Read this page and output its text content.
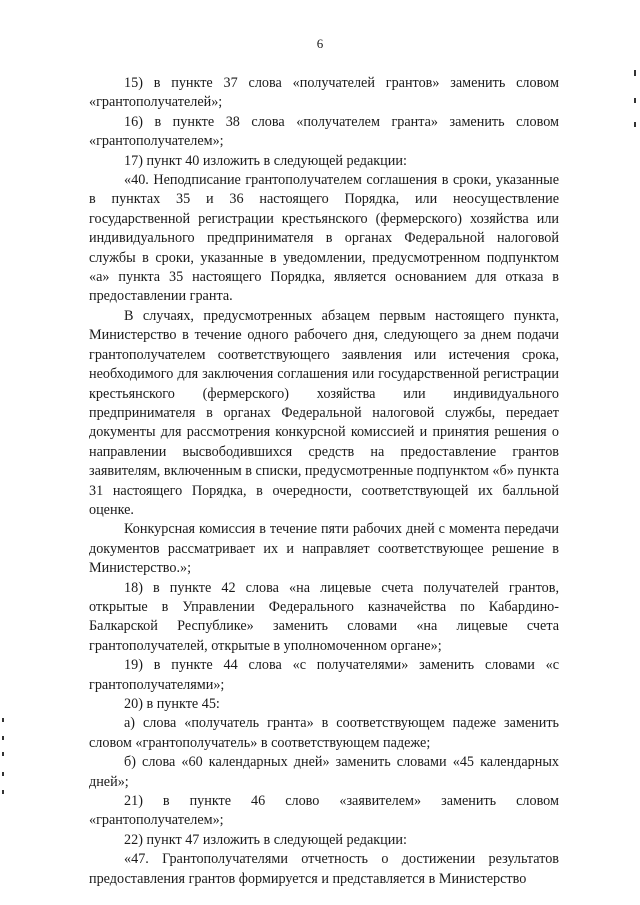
6

15) в пункте 37 слова «получателей грантов» заменить словом «грантополучателей»;

16) в пункте 38 слова «получателем гранта» заменить словом «грантополучателем»;

17) пункт 40 изложить в следующей редакции:

«40. Неподписание грантополучателем соглашения в сроки, указанные в пунктах 35 и 36 настоящего Порядка, или неосуществление государственной регистрации крестьянского (фермерского) хозяйства или индивидуального предпринимателя в органах Федеральной налоговой службы в сроки, указанные в уведомлении, предусмотренном подпунктом «а» пункта 35 настоящего Порядка, является основанием для отказа в предоставлении гранта.

В случаях, предусмотренных абзацем первым настоящего пункта, Министерство в течение одного рабочего дня, следующего за днем подачи грантополучателем соответствующего заявления или истечения срока, необходимого для заключения соглашения или государственной регистрации крестьянского (фермерского) хозяйства или индивидуального предпринимателя в органах Федеральной налоговой службы, передает документы для рассмотрения конкурсной комиссией и принятия решения о направлении высвободившихся средств на предоставление грантов заявителям, включенным в списки, предусмотренные подпунктом «б» пункта 31 настоящего Порядка, в очередности, соответствующей их балльной оценке.

Конкурсная комиссия в течение пяти рабочих дней с момента передачи документов рассматривает их и направляет соответствующее решение в Министерство.»;

18) в пункте 42 слова «на лицевые счета получателей грантов, открытые в Управлении Федерального казначейства по Кабардино-Балкарской Республике» заменить словами «на лицевые счета грантополучателей, открытые в уполномоченном органе»;

19) в пункте 44 слова «с получателями» заменить словами «с грантополучателями»;

20) в пункте 45:

а) слова «получатель гранта» в соответствующем падеже заменить словом «грантополучатель» в соответствующем падеже;

б) слова «60 календарных дней» заменить словами «45 календарных дней»;

21) в пункте 46 слово «заявителем» заменить словом «грантополучателем»;

22) пункт 47 изложить в следующей редакции:

«47. Грантополучателями отчетность о достижении результатов предоставления грантов формируется и представляется в Министерство
